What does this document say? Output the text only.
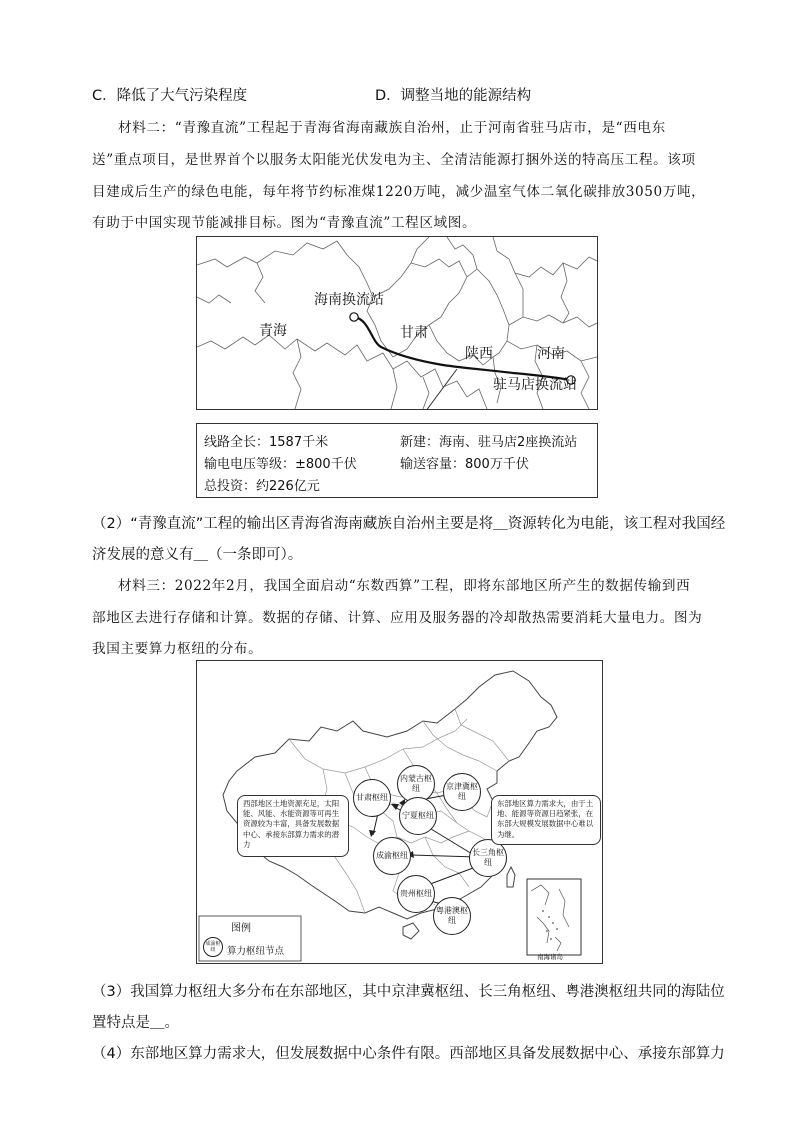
C．降低了大气污染程度	D．调整当地的能源结构
材料二：“青豫直流”工程起于青海省海南藏族自治州，止于河南省驻马店市，是“西电东
送”重点项目，是世界首个以服务太阳能光伏发电为主、全清洁能源打捆外送的特高压工程。该项
目建成后生产的绿色电能，每年将节约标准煤1220万吨，减少温室气体二氧化碳排放3050万吨，
有助于中国实现节能减排目标。图为“青豫直流”工程区域图。
海南换流站
青海	甘肃
陕西	河南
驻马店换流站
线路全长：1587千米	新建：海南、驻马店2座换流站
输电电压等级：±800千伏	输送容量：800万千伏
总投资：约226亿元
（2）“青豫直流”工程的输出区青海省海南藏族自治州主要是将＿资源转化为电能，该工程对我国经
济发展的意义有＿（一条即可）。
材料三：2022年2月，我国全面启动“东数西算”工程，即将东部地区所产生的数据传输到西
部地区去进行存储和计算。数据的存储、计算、应用及服务器的冷却散热需要消耗大量电力。图为
我国主要算力枢纽的分布。
内蒙古枢纽	京津冀枢纽
甘肃枢纽
宁夏枢纽
成渝枢纽	长三角枢纽
贵州枢纽
粤港澳枢纽
西部地区土地资源充足，太阳能、风能、水能资源等可再生资源较为丰富，具备发展数据中心、承接东部算力需求的潜力
东部地区算力需求大，由于土地、能源等资源日趋紧张，在东部大规模发展数据中心难以为继。
图例
成渝枢纽	算力枢纽节点	南海诸岛
（3）我国算力枢纽大多分布在东部地区，其中京津冀枢纽、长三角枢纽、粤港澳枢纽共同的海陆位
置特点是＿。
（4）东部地区算力需求大，但发展数据中心条件有限。西部地区具备发展数据中心、承接东部算力
